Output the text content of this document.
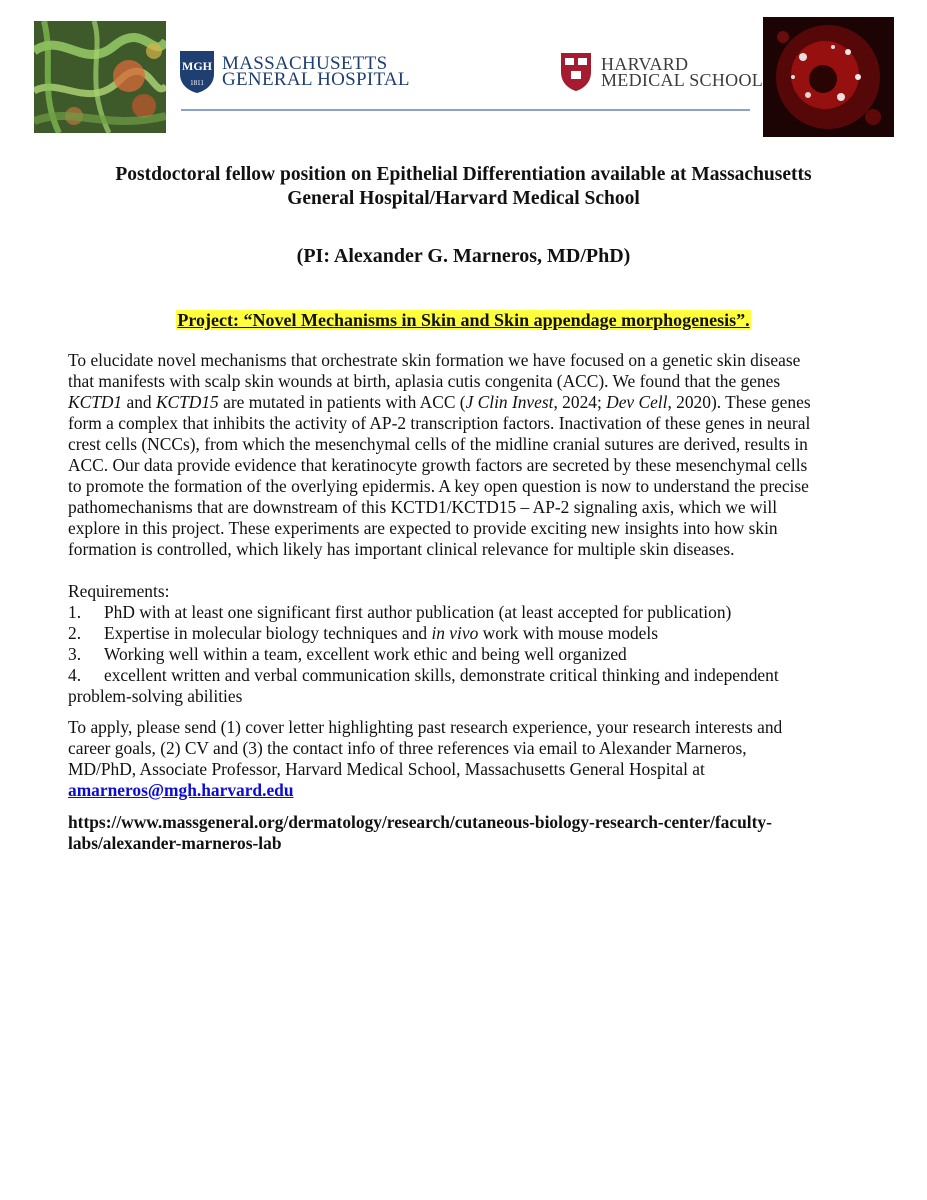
MGH
1811
MASSACHUSETTS
GENERAL HOSPITAL
HARVARD
MEDICAL SCHOOL
Postdoctoral fellow position on Epithelial Differentiation available at Massachusetts
General Hospital/Harvard Medical School
(PI: Alexander G. Marneros, MD/PhD)
Project: “Novel Mechanisms in Skin and Skin appendage morphogenesis”.
To elucidate novel mechanisms that orchestrate skin formation we have focused on a genetic skin disease
that manifests with scalp skin wounds at birth, aplasia cutis congenita (ACC). We found that the genes
KCTD1 and KCTD15 are mutated in patients with ACC (J Clin Invest, 2024; Dev Cell, 2020). These genes
form a complex that inhibits the activity of AP-2 transcription factors. Inactivation of these genes in neural
crest cells (NCCs), from which the mesenchymal cells of the midline cranial sutures are derived, results in
ACC. Our data provide evidence that keratinocyte growth factors are secreted by these mesenchymal cells
to promote the formation of the overlying epidermis. A key open question is now to understand the precise
pathomechanisms that are downstream of this KCTD1/KCTD15 – AP-2 signaling axis, which we will
explore in this project. These experiments are expected to provide exciting new insights into how skin
formation is controlled, which likely has important clinical relevance for multiple skin diseases.
Requirements:
1. PhD with at least one significant first author publication (at least accepted for publication)
2. Expertise in molecular biology techniques and in vivo work with mouse models
3. Working well within a team, excellent work ethic and being well organized
4. excellent written and verbal communication skills, demonstrate critical thinking and independent
problem-solving abilities
To apply, please send (1) cover letter highlighting past research experience, your research interests and
career goals, (2) CV and (3) the contact info of three references via email to Alexander Marneros,
MD/PhD, Associate Professor, Harvard Medical School, Massachusetts General Hospital at
amarneros@mgh.harvard.edu
https://www.massgeneral.org/dermatology/research/cutaneous-biology-research-center/faculty-
labs/alexander-marneros-lab
